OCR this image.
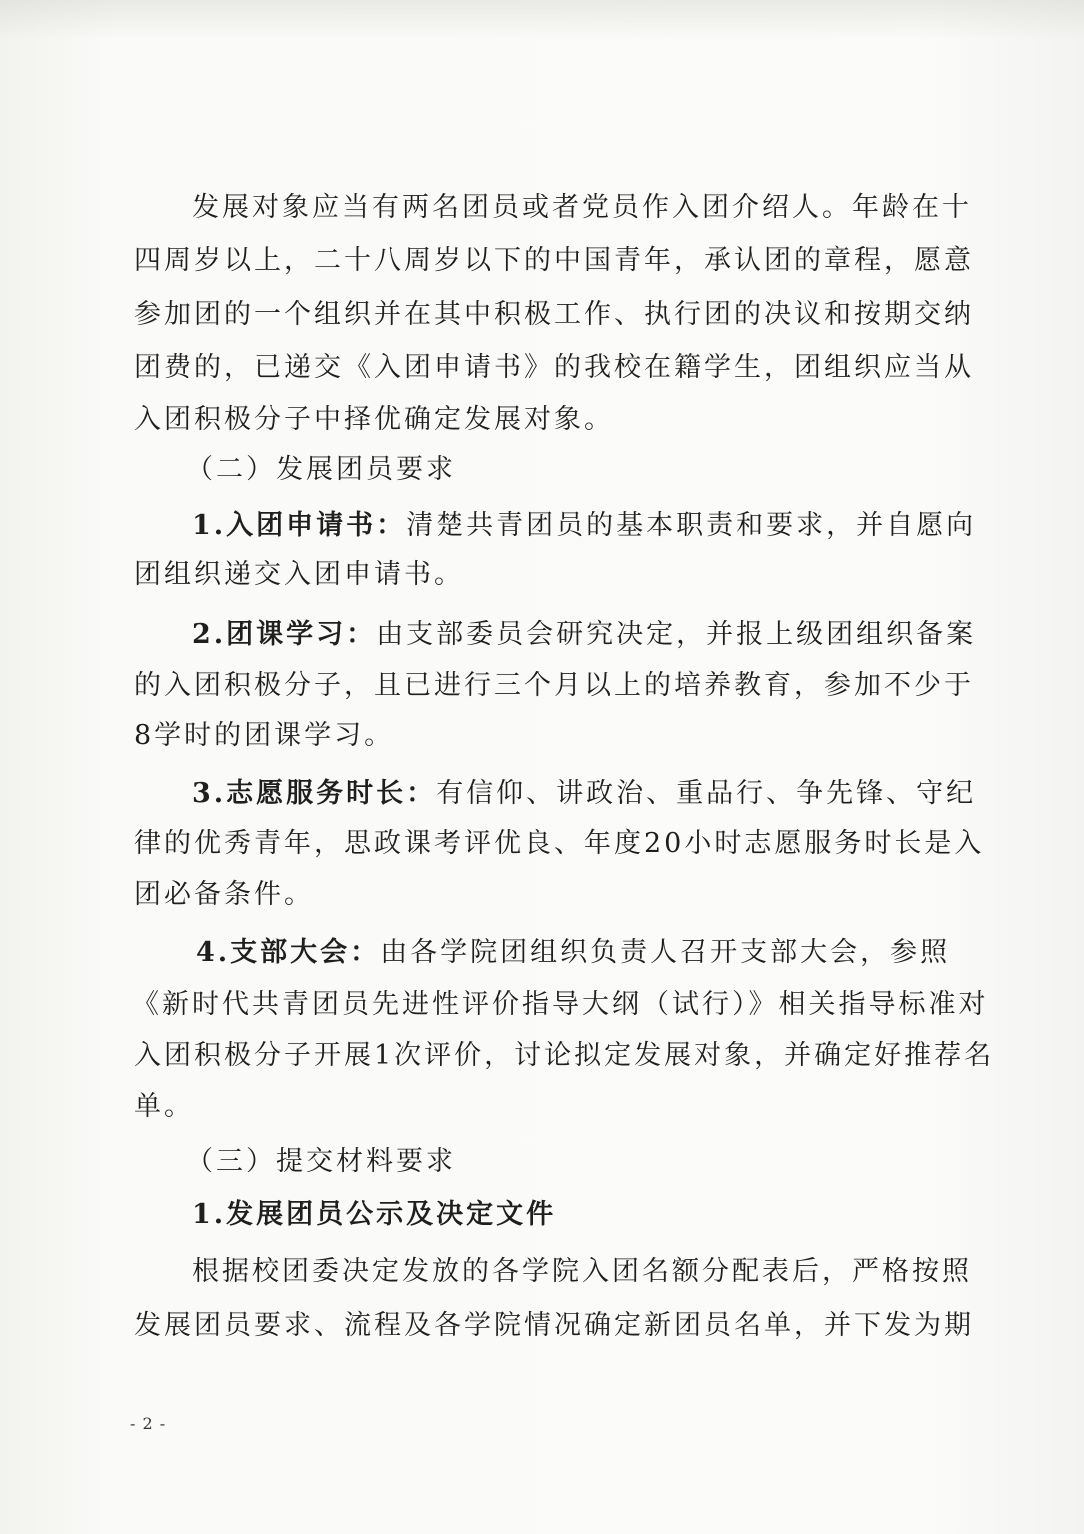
发展对象应当有两名团员或者党员作入团介绍人。年龄在十
四周岁以上，二十八周岁以下的中国青年，承认团的章程，愿意
参加团的一个组织并在其中积极工作、执行团的决议和按期交纳
团费的，已递交《入团申请书》的我校在籍学生，团组织应当从
入团积极分子中择优确定发展对象。
（二）发展团员要求
1.入团申请书：清楚共青团员的基本职责和要求，并自愿向
团组织递交入团申请书。
2.团课学习：由支部委员会研究决定，并报上级团组织备案
的入团积极分子，且已进行三个月以上的培养教育，参加不少于
8学时的团课学习。
3.志愿服务时长：有信仰、讲政治、重品行、争先锋、守纪
律的优秀青年，思政课考评优良、年度20小时志愿服务时长是入
团必备条件。
4.支部大会：由各学院团组织负责人召开支部大会，参照
《新时代共青团员先进性评价指导大纲（试行）》相关指导标准对
入团积极分子开展1次评价，讨论拟定发展对象，并确定好推荐名
单。
（三）提交材料要求
1.发展团员公示及决定文件
根据校团委决定发放的各学院入团名额分配表后，严格按照
发展团员要求、流程及各学院情况确定新团员名单，并下发为期
- 2 -
